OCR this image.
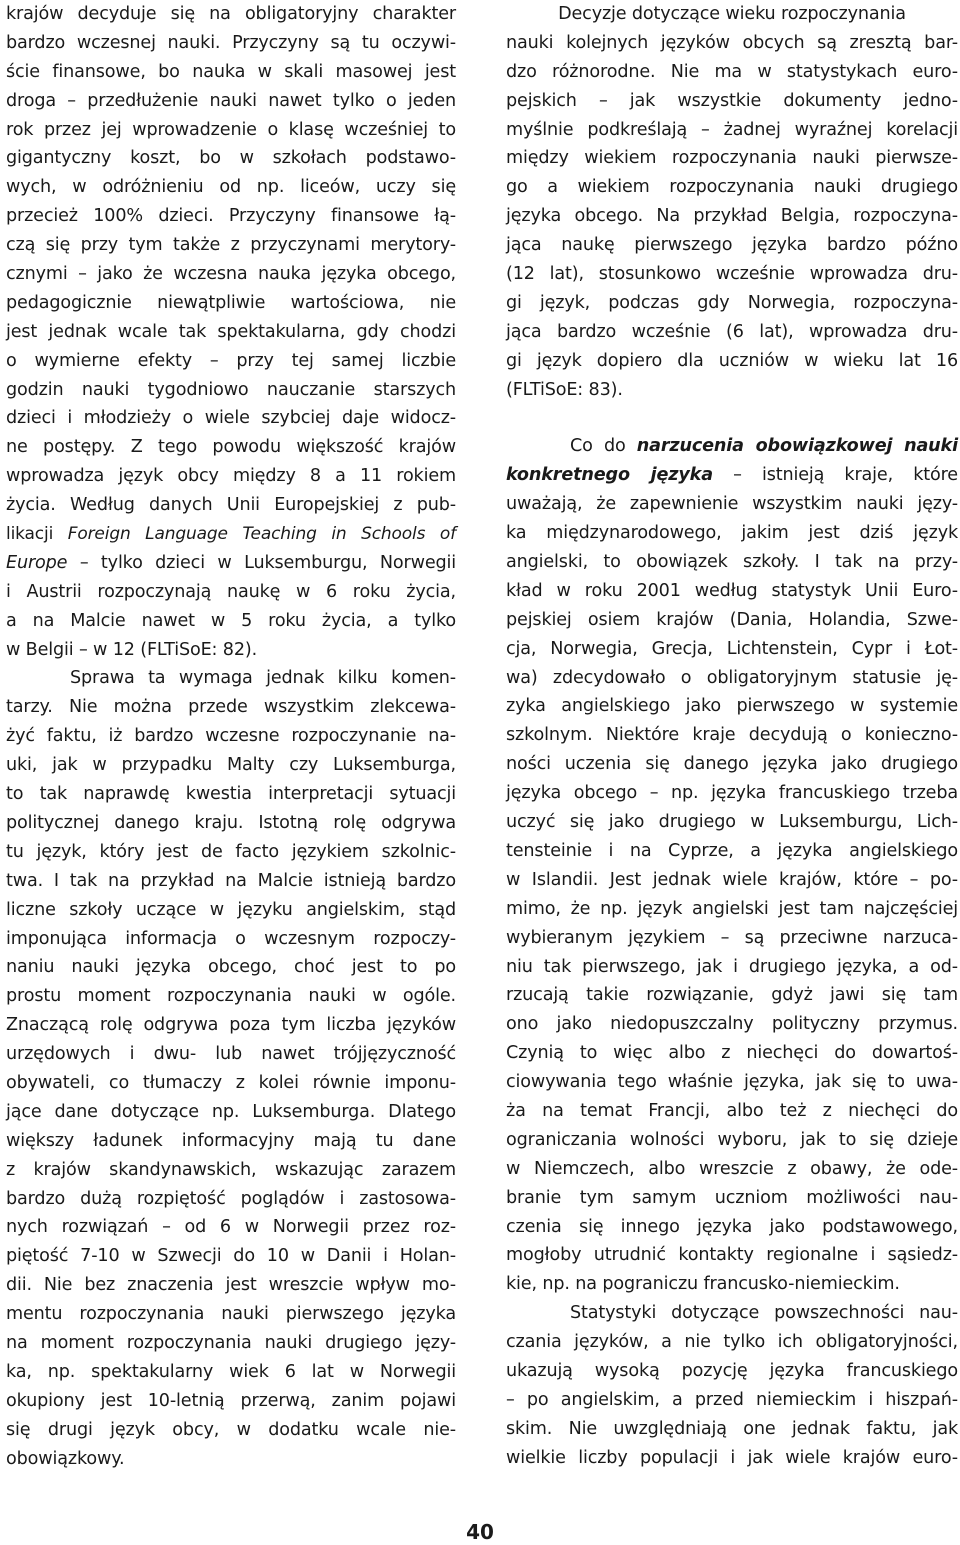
krajów decyduje się na obligatoryjny charakter
bardzo wczesnej nauki. Przyczyny są tu oczywi-
ście finansowe, bo nauka w skali masowej jest
droga – przedłużenie nauki nawet tylko o jeden
rok przez jej wprowadzenie o klasę wcześniej to
gigantyczny koszt, bo w szkołach podstawo-
wych, w odróżnieniu od np. liceów, uczy się
przecież 100% dzieci. Przyczyny finansowe łą-
czą się przy tym także z przyczynami merytory-
cznymi – jako że wczesna nauka języka obcego,
pedagogicznie niewątpliwie wartościowa, nie
jest jednak wcale tak spektakularna, gdy chodzi
o wymierne efekty – przy tej samej liczbie
godzin nauki tygodniowo nauczanie starszych
dzieci i młodzieży o wiele szybciej daje widocz-
ne postępy. Z tego powodu większość krajów
wprowadza język obcy między 8 a 11 rokiem
życia. Według danych Unii Europejskiej z pub-
likacji Foreign Language Teaching in Schools of
Europe – tylko dzieci w Luksemburgu, Norwegii
i Austrii rozpoczynają naukę w 6 roku życia,
a na Malcie nawet w 5 roku życia, a tylko
w Belgii – w 12 (FLTiSoE: 82).
Sprawa ta wymaga jednak kilku komen-
tarzy. Nie można przede wszystkim zlekcewa-
żyć faktu, iż bardzo wczesne rozpoczynanie na-
uki, jak w przypadku Malty czy Luksemburga,
to tak naprawdę kwestia interpretacji sytuacji
politycznej danego kraju. Istotną rolę odgrywa
tu język, który jest de facto językiem szkolnic-
twa. I tak na przykład na Malcie istnieją bardzo
liczne szkoły uczące w języku angielskim, stąd
imponująca informacja o wczesnym rozpoczy-
naniu nauki języka obcego, choć jest to po
prostu moment rozpoczynania nauki w ogóle.
Znaczącą rolę odgrywa poza tym liczba języków
urzędowych i dwu- lub nawet trójjęzyczność
obywateli, co tłumaczy z kolei równie imponu-
jące dane dotyczące np. Luksemburga. Dlatego
większy ładunek informacyjny mają tu dane
z krajów skandynawskich, wskazując zarazem
bardzo dużą rozpiętość poglądów i zastosowa-
nych rozwiązań – od 6 w Norwegii przez roz-
piętość 7-10 w Szwecji do 10 w Danii i Holan-
dii. Nie bez znaczenia jest wreszcie wpływ mo-
mentu rozpoczynania nauki pierwszego języka
na moment rozpoczynania nauki drugiego języ-
ka, np. spektakularny wiek 6 lat w Norwegii
okupiony jest 10-letnią przerwą, zanim pojawi
się drugi język obcy, w dodatku wcale nie-
obowiązkowy.
Decyzje dotyczące wieku rozpoczynania
nauki kolejnych języków obcych są zresztą bar-
dzo różnorodne. Nie ma w statystykach euro-
pejskich – jak wszystkie dokumenty jedno-
myślnie podkreślają – żadnej wyraźnej korelacji
między wiekiem rozpoczynania nauki pierwsze-
go a wiekiem rozpoczynania nauki drugiego
języka obcego. Na przykład Belgia, rozpoczyna-
jąca naukę pierwszego języka bardzo późno
(12 lat), stosunkowo wcześnie wprowadza dru-
gi język, podczas gdy Norwegia, rozpoczyna-
jąca bardzo wcześnie (6 lat), wprowadza dru-
gi język dopiero dla uczniów w wieku lat 16
(FLTiSoE: 83).
Co do narzucenia obowiązkowej nauki
konkretnego języka – istnieją kraje, które
uważają, że zapewnienie wszystkim nauki języ-
ka międzynarodowego, jakim jest dziś język
angielski, to obowiązek szkoły. I tak na przy-
kład w roku 2001 według statystyk Unii Euro-
pejskiej osiem krajów (Dania, Holandia, Szwe-
cja, Norwegia, Grecja, Lichtenstein, Cypr i Łot-
wa) zdecydowało o obligatoryjnym statusie ję-
zyka angielskiego jako pierwszego w systemie
szkolnym. Niektóre kraje decydują o konieczno-
ności uczenia się danego języka jako drugiego
języka obcego – np. języka francuskiego trzeba
uczyć się jako drugiego w Luksemburgu, Lich-
tensteinie i na Cyprze, a języka angielskiego
w Islandii. Jest jednak wiele krajów, które – po-
mimo, że np. język angielski jest tam najczęściej
wybieranym językiem – są przeciwne narzuca-
niu tak pierwszego, jak i drugiego języka, a od-
rzucają takie rozwiązanie, gdyż jawi się tam
ono jako niedopuszczalny polityczny przymus.
Czynią to więc albo z niechęci do dowartoś-
ciowywania tego właśnie języka, jak się to uwa-
ża na temat Francji, albo też z niechęci do
ograniczania wolności wyboru, jak to się dzieje
w Niemczech, albo wreszcie z obawy, że ode-
branie tym samym uczniom możliwości nau-
czenia się innego języka jako podstawowego,
mogłoby utrudnić kontakty regionalne i sąsiedz-
kie, np. na pograniczu francusko-niemieckim.
Statystyki dotyczące powszechności nau-
czania języków, a nie tylko ich obligatoryjności,
ukazują wysoką pozycję języka francuskiego
– po angielskim, a przed niemieckim i hiszpań-
skim. Nie uwzględniają one jednak faktu, jak
wielkie liczby populacji i jak wiele krajów euro-
40
